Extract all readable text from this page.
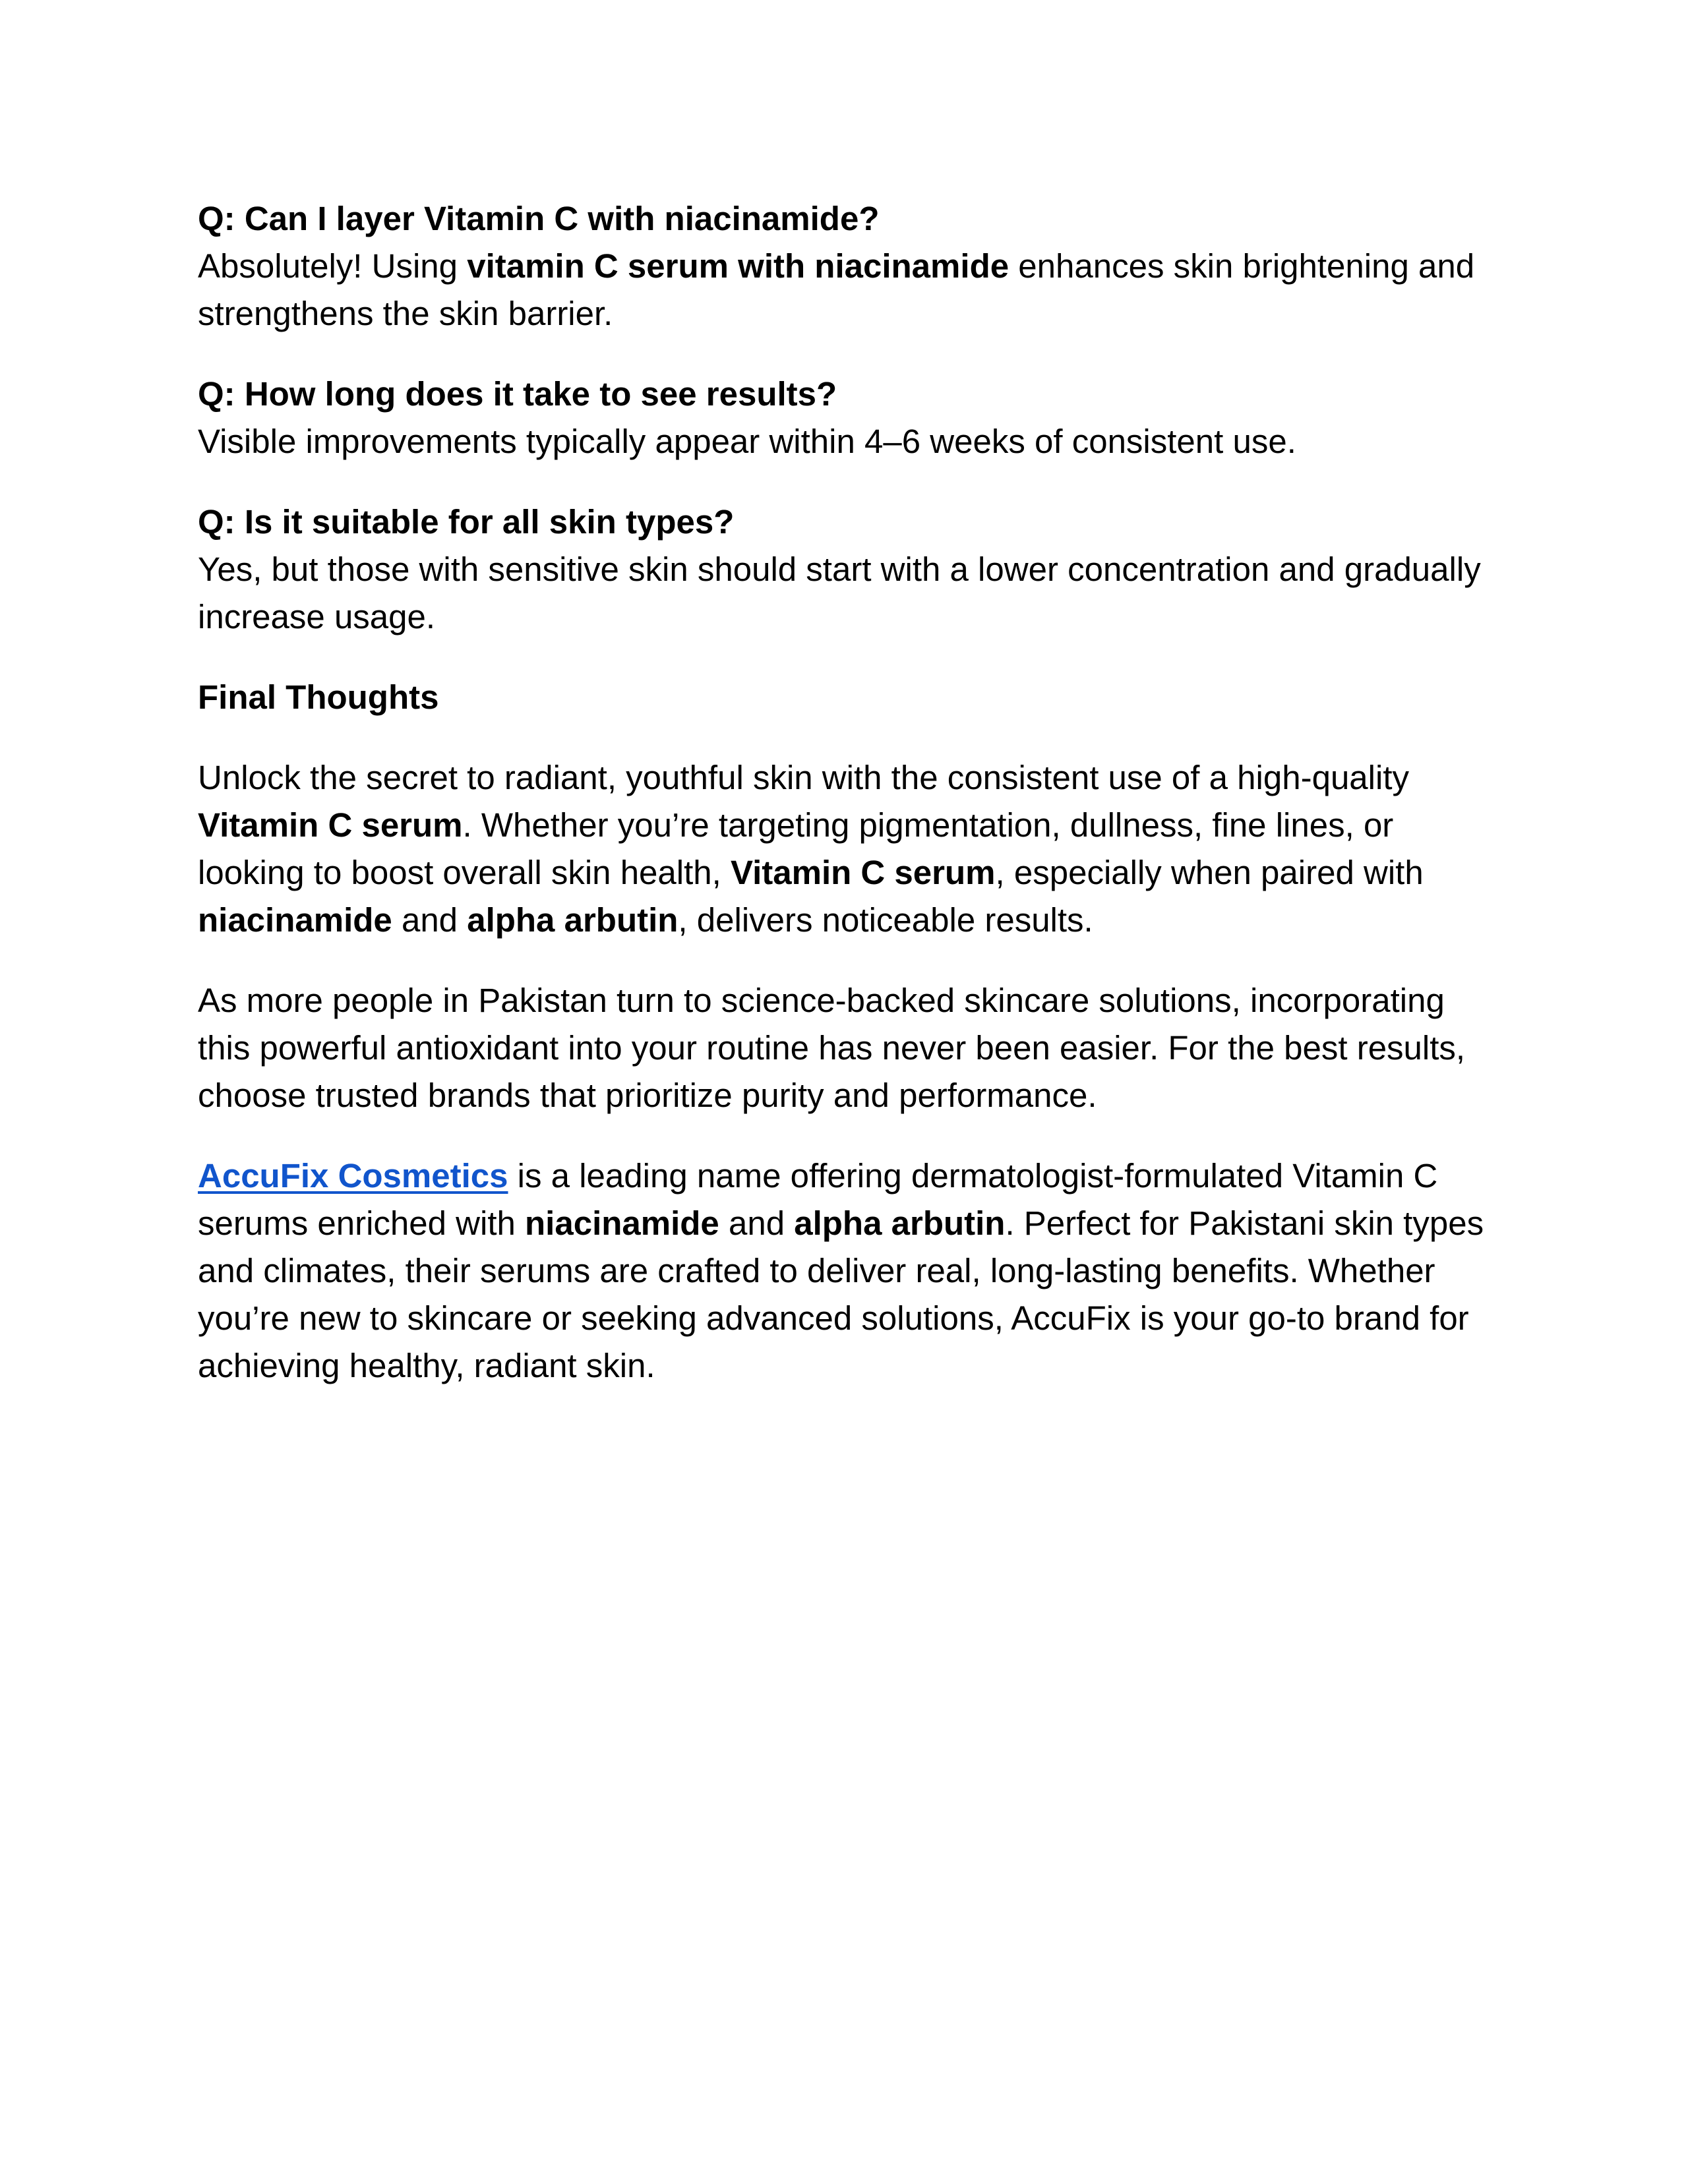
Q: Can I layer Vitamin C with niacinamide?
Absolutely! Using vitamin C serum with niacinamide enhances skin brightening and strengthens the skin barrier.
Q: How long does it take to see results?
Visible improvements typically appear within 4–6 weeks of consistent use.
Q: Is it suitable for all skin types?
Yes, but those with sensitive skin should start with a lower concentration and gradually increase usage.
Final Thoughts

Unlock the secret to radiant, youthful skin with the consistent use of a high-quality Vitamin C serum. Whether you’re targeting pigmentation, dullness, fine lines, or looking to boost overall skin health, Vitamin C serum, especially when paired with niacinamide and alpha arbutin, delivers noticeable results.

As more people in Pakistan turn to science-backed skincare solutions, incorporating this powerful antioxidant into your routine has never been easier. For the best results, choose trusted brands that prioritize purity and performance.

AccuFix Cosmetics is a leading name offering dermatologist-formulated Vitamin C serums enriched with niacinamide and alpha arbutin. Perfect for Pakistani skin types and climates, their serums are crafted to deliver real, long-lasting benefits. Whether you’re new to skincare or seeking advanced solutions, AccuFix is your go-to brand for achieving healthy, radiant skin.
